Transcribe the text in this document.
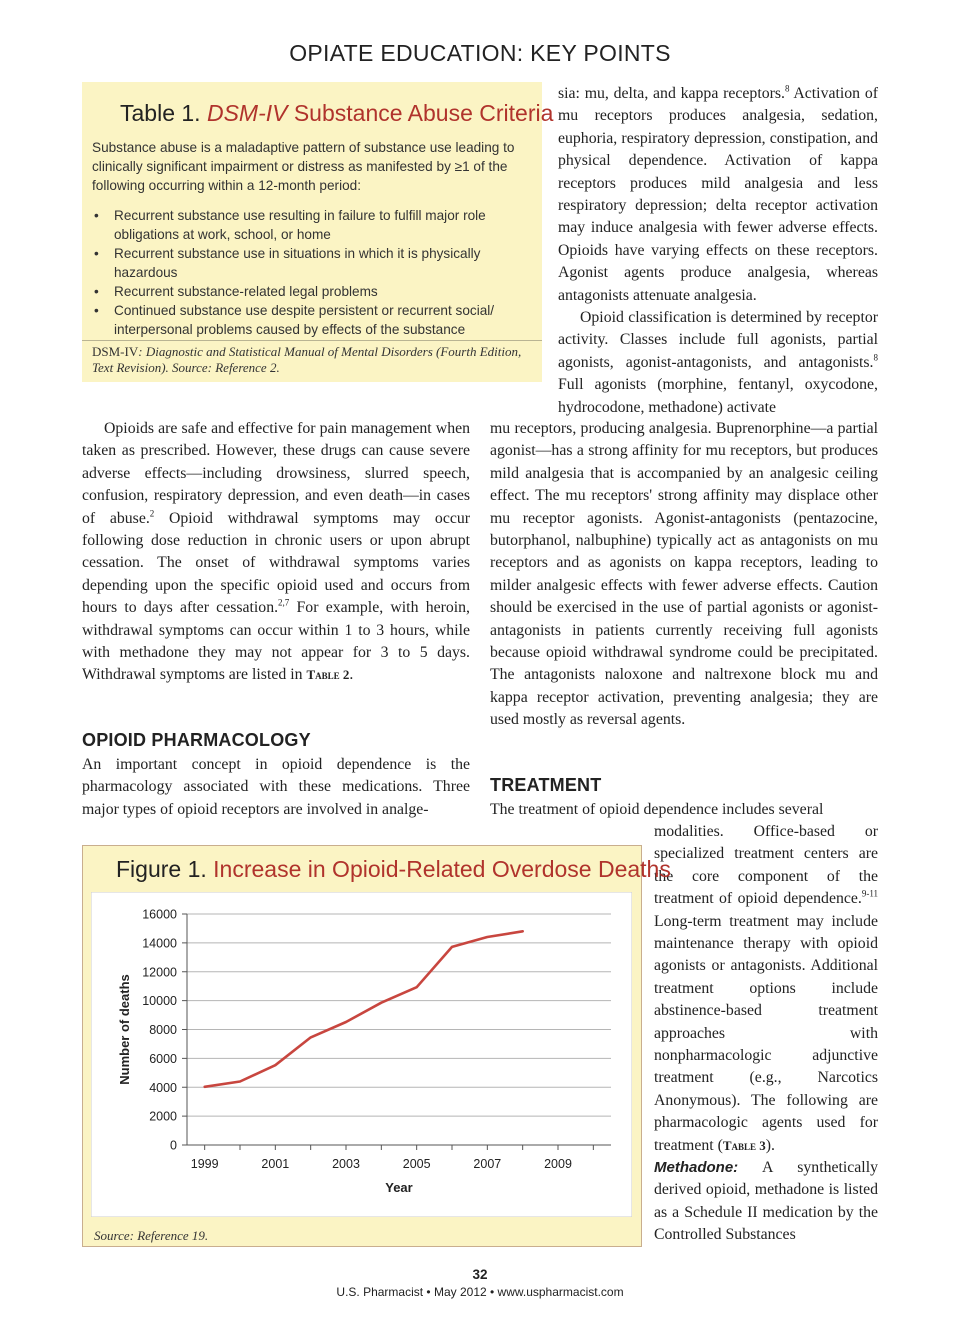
OPIATE EDUCATION: KEY POINTS
Table 1. DSM-IV Substance Abuse Criteria
Substance abuse is a maladaptive pattern of substance use leading to clinically significant impairment or distress as manifested by ≥1 of the following occurring within a 12-month period:
• Recurrent substance use resulting in failure to fulfill major role obligations at work, school, or home
• Recurrent substance use in situations in which it is physically hazardous
• Recurrent substance-related legal problems
• Continued substance use despite persistent or recurrent social/ interpersonal problems caused by effects of the substance
DSM-IV: Diagnostic and Statistical Manual of Mental Disorders (Fourth Edition, Text Revision). Source: Reference 2.
Opioids are safe and effective for pain management when taken as prescribed. However, these drugs can cause severe adverse effects—including drowsiness, slurred speech, confusion, respiratory depression, and even death—in cases of abuse.$^2$ Opioid withdrawal symptoms may occur following dose reduction in chronic users or upon abrupt cessation. The onset of withdrawal symptoms varies depending upon the specific opioid used and occurs from hours to days after cessation.$^{2,7}$ For example, with heroin, withdrawal symptoms can occur within 1 to 3 hours, while with methadone they may not appear for 3 to 5 days. Withdrawal symptoms are listed in Table 2.
OPIOID PHARMACOLOGY
An important concept in opioid dependence is the pharmacology associated with these medications. Three major types of opioid receptors are involved in analge-
sia: mu, delta, and kappa receptors.$^8$ Activation of mu receptors produces analgesia, sedation, euphoria, respiratory depression, constipation, and physical dependence. Activation of kappa receptors produces mild analgesia and less respiratory depression; delta receptor activation may induce analgesia with fewer adverse effects. Opioids have varying effects on these receptors. Agonist agents produce analgesia, whereas antagonists attenuate analgesia.
Opioid classification is determined by receptor activity. Classes include full agonists, partial agonists, agonist-antagonists, and antagonists.$^8$ Full agonists (morphine, fentanyl, oxycodone, hydrocodone, methadone) activate
mu receptors, producing analgesia. Buprenorphine—a partial agonist—has a strong affinity for mu receptors, but produces mild analgesia that is accompanied by an analgesic ceiling effect. The mu receptors' strong affinity may displace other mu receptor agonists. Agonist-antagonists (pentazocine, butorphanol, nalbuphine) typically act as antagonists on mu receptors and as agonists on kappa receptors, leading to milder analgesic effects with fewer adverse effects. Caution should be exercised in the use of partial agonists or agonist-antagonists in patients currently receiving full agonists because opioid withdrawal syndrome could be precipitated. The antagonists naloxone and naltrexone block mu and kappa receptor activation, preventing analgesia; they are used mostly as reversal agents.
TREATMENT
The treatment of opioid dependence includes several
modalities. Office-based or specialized treatment centers are the core component of the treatment of opioid dependence.$^{9-11}$ Long-term treatment may include maintenance therapy with opioid agonists or antagonists. Additional treatment options include abstinence-based treatment approaches with nonpharmacologic adjunctive treatment (e.g., Narcotics Anonymous). The following are pharmacologic agents used for treatment (Table 3).
Methadone: A synthetically derived opioid, methadone is listed as a Schedule II medication by the Controlled Substances
Figure 1. Increase in Opioid-Related Overdose Deaths
0
2000
4000
6000
8000
10000
12000
14000
16000
1999	2001	2003	2005	2007	2009
Year
Number of deaths
Source: Reference 19.
32
U.S. Pharmacist • May 2012 • www.uspharmacist.com
